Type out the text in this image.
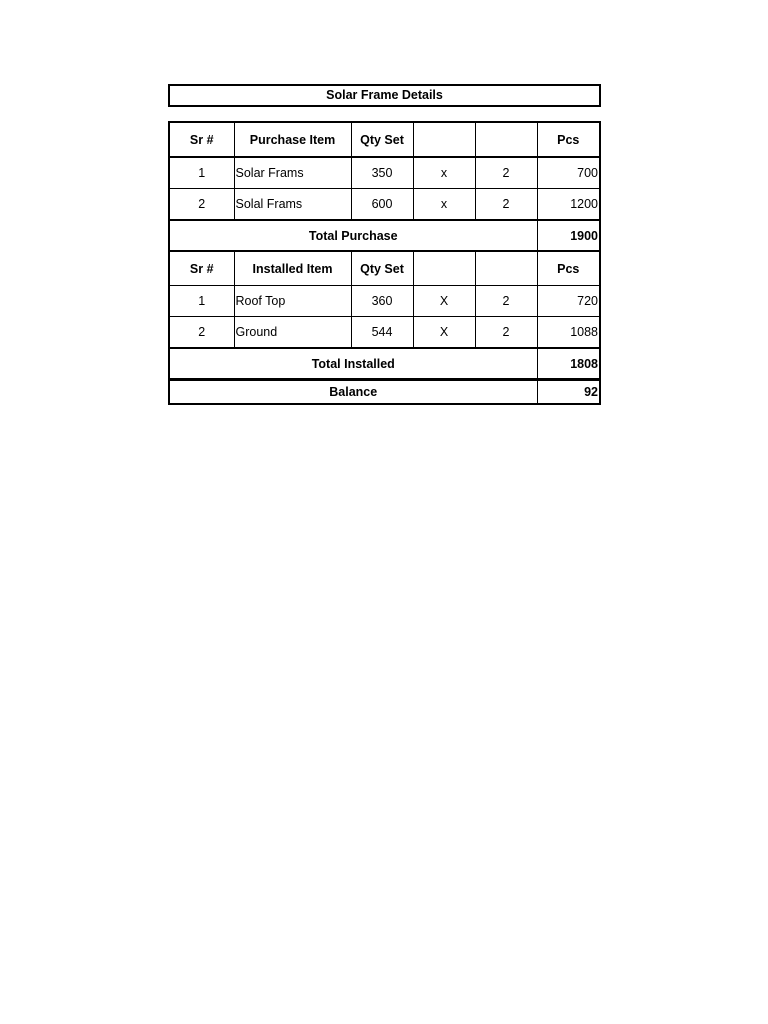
Solar Frame Details
Sr #	Purchase Item	Qty Set			Pcs
1	Solar Frams	350	x	2	700
2	Solal Frams	600	x	2	1200
Total Purchase					1900
Sr #	Installed Item	Qty Set			Pcs
1	Roof Top	360	X	2	720
2	Ground	544	X	2	1088
Total Installed					1808
Balance					92
